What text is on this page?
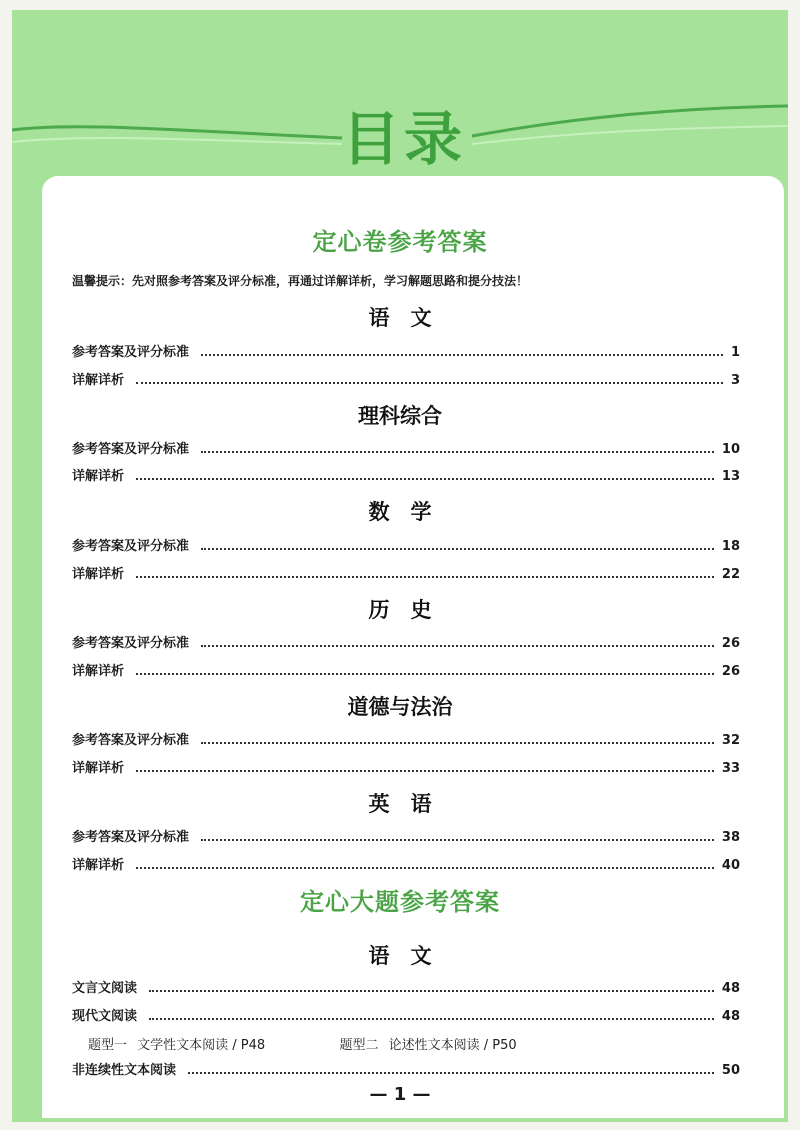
目录
定心卷参考答案
温馨提示：先对照参考答案及评分标准，再通过详解详析，学习解题思路和提分技法！
语　文
参考答案及评分标准	1
详解详析	3
理科综合
参考答案及评分标准	10
详解详析	13
数　学
参考答案及评分标准	18
详解详析	22
历　史
参考答案及评分标准	26
详解详析	26
道德与法治
参考答案及评分标准	32
详解详析	33
英　语
参考答案及评分标准	38
详解详析	40
定心大题参考答案
语　文
文言文阅读	48
现代文阅读	48
题型一 文学性文本阅读 / P48	题型二 论述性文本阅读 / P50
非连续性文本阅读	50
— 1 —
